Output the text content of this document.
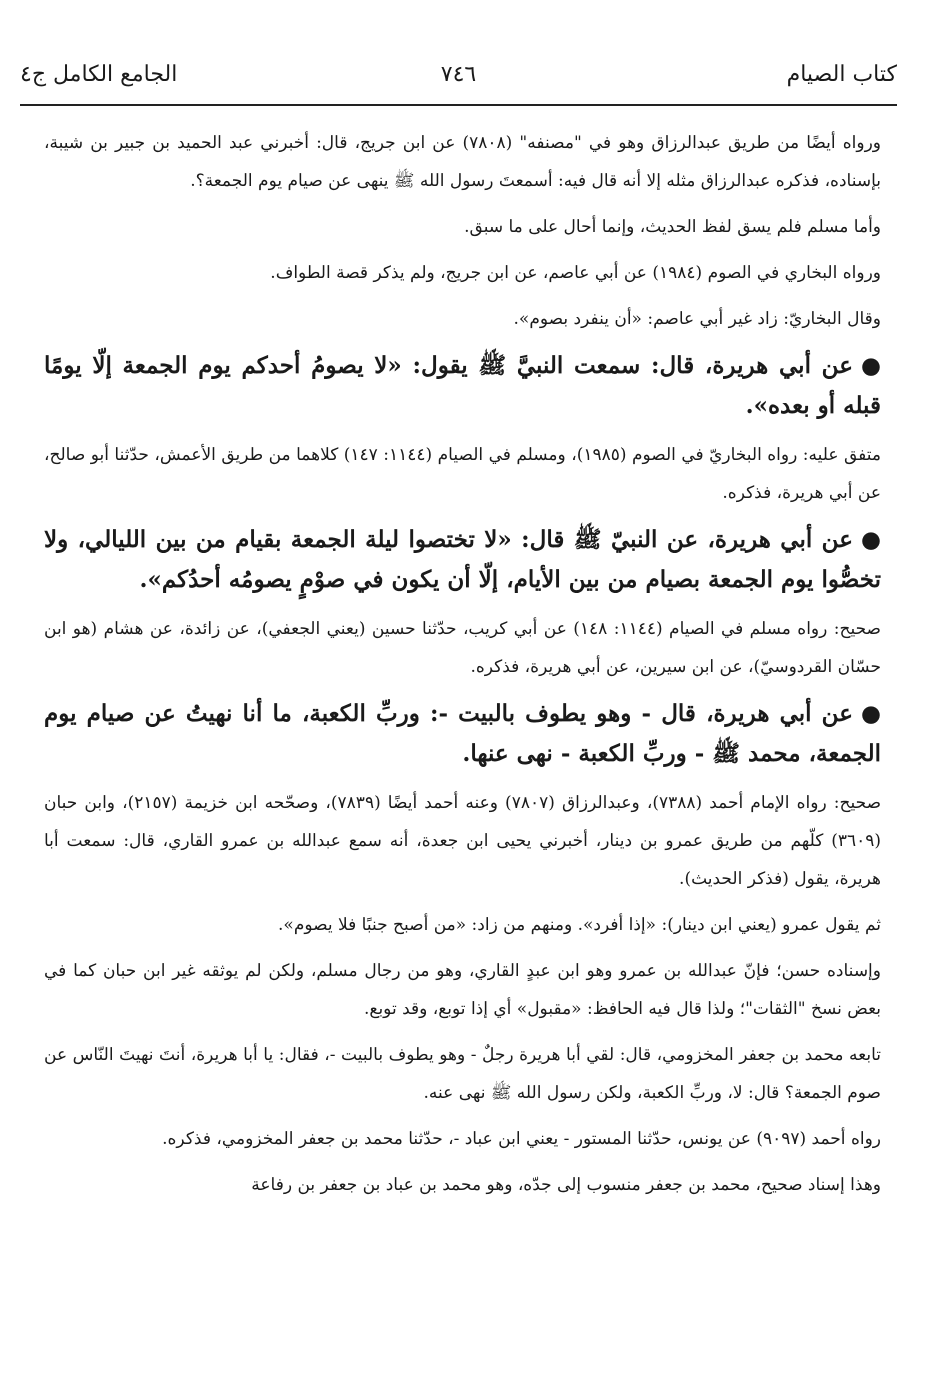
كتاب الصيام
٧٤٦
الجامع الكامل ج٤

ورواه أيضًا من طريق عبدالرزاق وهو في "مصنفه" (٧٨٠٨) عن ابن جريج، قال: أخبرني عبد الحميد بن جبير بن شيبة، بإسناده، فذكره عبدالرزاق مثله إلا أنه قال فيه: أسمعتَ رسول الله ﷺ ينهى عن صيام يوم الجمعة؟.

وأما مسلم فلم يسق لفظ الحديث، وإنما أحال على ما سبق.

ورواه البخاري في الصوم (١٩٨٤) عن أبي عاصم، عن ابن جريج، ولم يذكر قصة الطواف.

وقال البخاريّ: زاد غير أبي عاصم: «أن ينفرد بصوم».

●عن أبي هريرة، قال: سمعت النبيَّ ﷺ يقول: «لا يصومُ أحدكم يوم الجمعة إلّا يومًا قبله أو بعده».

متفق عليه: رواه البخاريّ في الصوم (١٩٨٥)، ومسلم في الصيام (١١٤٤: ١٤٧) كلاهما من طريق الأعمش، حدّثنا أبو صالح، عن أبي هريرة، فذكره.

●عن أبي هريرة، عن النبيّ ﷺ قال: «لا تختصوا ليلة الجمعة بقيام من بين الليالي، ولا تخصُّوا يوم الجمعة بصيام من بين الأيام، إلّا أن يكون في صوْمٍ يصومُه أحدُكم».

صحيح: رواه مسلم في الصيام (١١٤٤: ١٤٨) عن أبي كريب، حدّثنا حسين (يعني الجعفي)، عن زائدة، عن هشام (هو ابن حسّان القردوسيّ)، عن ابن سيرين، عن أبي هريرة، فذكره.

●عن أبي هريرة، قال - وهو يطوف بالبيت -: وربِّ الكعبة، ما أنا نهيتُ عن صيام يوم الجمعة، محمد ﷺ - وربِّ الكعبة - نهى عنها.

صحيح: رواه الإمام أحمد (٧٣٨٨)، وعبدالرزاق (٧٨٠٧) وعنه أحمد أيضًا (٧٨٣٩)، وصحّحه ابن خزيمة (٢١٥٧)، وابن حبان (٣٦٠٩) كلّهم من طريق عمرو بن دينار، أخبرني يحيى ابن جعدة، أنه سمع عبدالله بن عمرو القاري، قال: سمعت أبا هريرة، يقول (فذكر الحديث).

ثم يقول عمرو (يعني ابن دينار): «إذا أفرد». ومنهم من زاد: «من أصبح جنبًا فلا يصوم».

وإسناده حسن؛ فإنّ عبدالله بن عمرو وهو ابن عبدٍ القاري، وهو من رجال مسلم، ولكن لم يوثقه غير ابن حبان كما في بعض نسخ "الثقات"؛ ولذا قال فيه الحافظ: «مقبول» أي إذا توبع، وقد توبع.

تابعه محمد بن جعفر المخزومي، قال: لقي أبا هريرة رجلٌ - وهو يطوف بالبيت -، فقال: يا أبا هريرة، أنتَ نهيتَ النّاس عن صوم الجمعة؟ قال: لا، وربِّ الكعبة، ولكن رسول الله ﷺ نهى عنه.

رواه أحمد (٩٠٩٧) عن يونس، حدّثنا المستور - يعني ابن عباد -، حدّثنا محمد بن جعفر المخزومي، فذكره.

وهذا إسناد صحيح، محمد بن جعفر منسوب إلى جدّه، وهو محمد بن عباد بن جعفر بن رفاعة
